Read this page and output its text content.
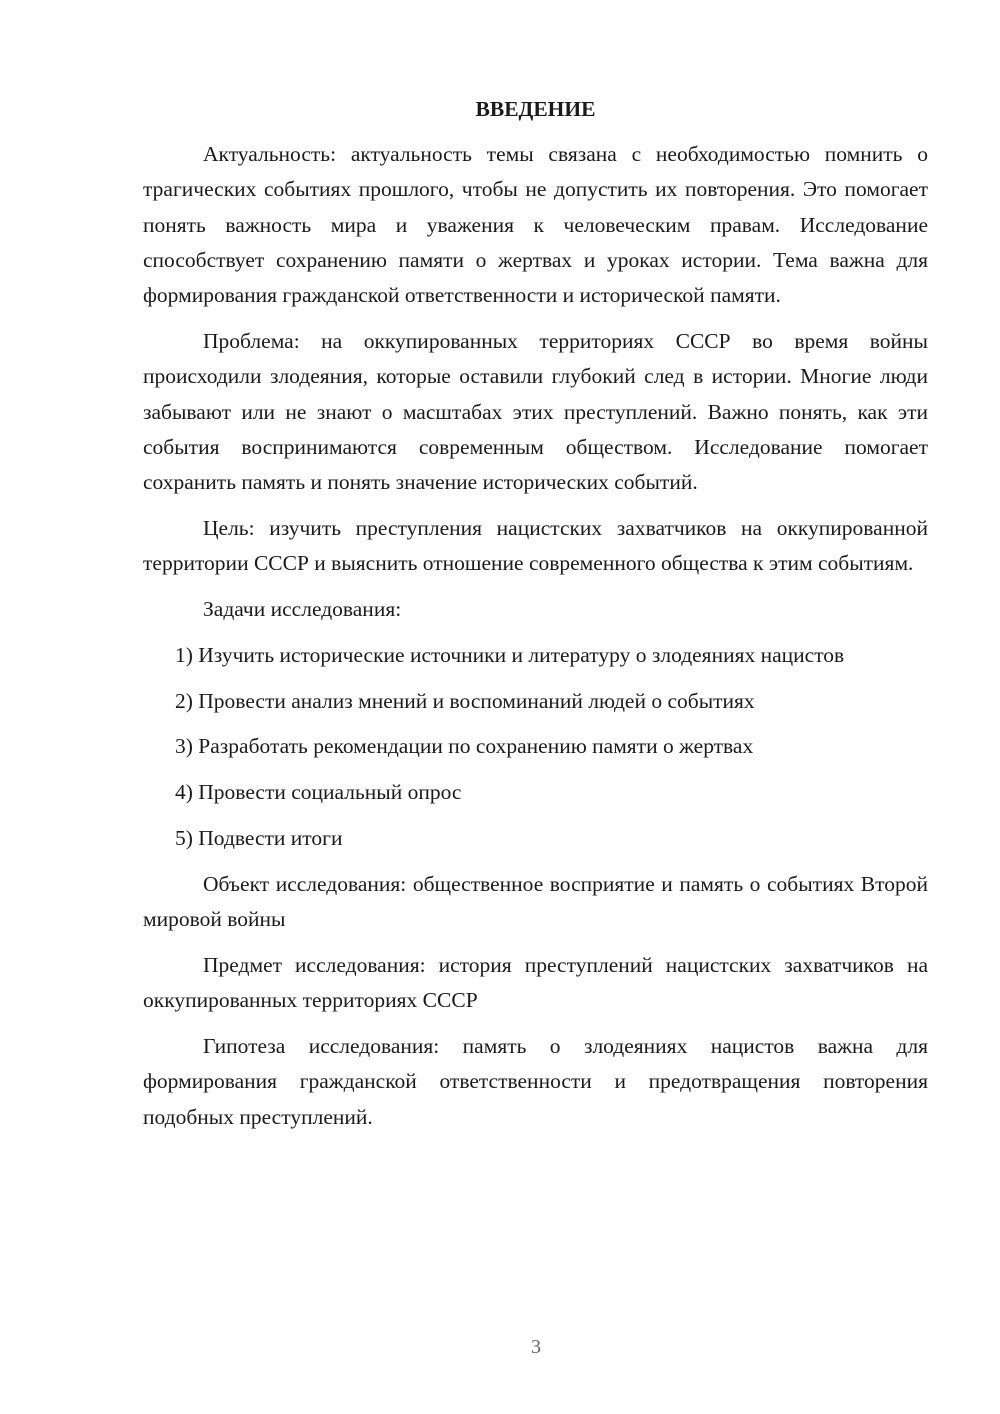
ВВЕДЕНИЕ

Актуальность: актуальность темы связана с необходимостью помнить о трагических событиях прошлого, чтобы не допустить их повторения. Это помогает понять важность мира и уважения к человеческим правам. Исследование способствует сохранению памяти о жертвах и уроках истории. Тема важна для формирования гражданской ответственности и исторической памяти.

Проблема: на оккупированных территориях СССР во время войны происходили злодеяния, которые оставили глубокий след в истории. Многие люди забывают или не знают о масштабах этих преступлений. Важно понять, как эти события воспринимаются современным обществом. Исследование помогает сохранить память и понять значение исторических событий.

Цель: изучить преступления нацистских захватчиков на оккупированной территории СССР и выяснить отношение современного общества к этим событиям.

Задачи исследования:

1) Изучить исторические источники и литературу о злодеяниях нацистов

2) Провести анализ мнений и воспоминаний людей о событиях

3) Разработать рекомендации по сохранению памяти о жертвах

4) Провести социальный опрос

5) Подвести итоги

Объект исследования: общественное восприятие и память о событиях Второй мировой войны

Предмет исследования: история преступлений нацистских захватчиков на оккупированных территориях СССР

Гипотеза исследования: память о злодеяниях нацистов важна для формирования гражданской ответственности и предотвращения повторения подобных преступлений.

3
